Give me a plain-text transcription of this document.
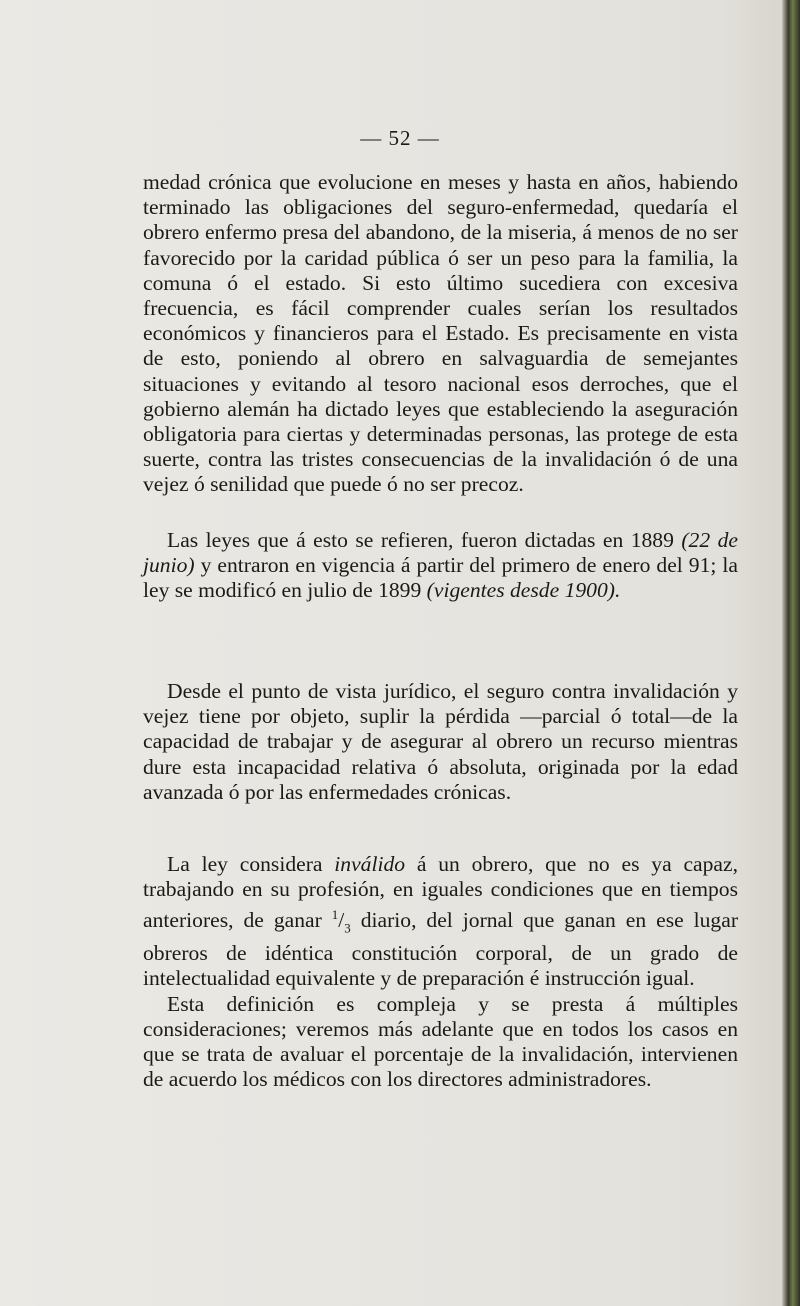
— 52 —

medad crónica que evolucione en meses y hasta en años, habiendo terminado las obligaciones del seguro-enfermedad, quedaría el obrero enfermo presa del abandono, de la miseria, á menos de no ser favorecido por la caridad pública ó ser un peso para la familia, la comuna ó el estado. Si esto último sucediera con excesiva frecuencia, es fácil comprender cuales serían los resultados económicos y financieros para el Estado. Es precisamente en vista de esto, poniendo al obrero en salvaguardia de semejantes situaciones y evitando al tesoro nacional esos derroches, que el gobierno alemán ha dictado leyes que estableciendo la aseguración obligatoria para ciertas y determinadas personas, las protege de esta suerte, contra las tristes consecuencias de la invalidación ó de una vejez ó senilidad que puede ó no ser precoz.

Las leyes que á esto se refieren, fueron dictadas en 1889 (22 de junio) y entraron en vigencia á partir del primero de enero del 91; la ley se modificó en julio de 1899 (vigentes desde 1900).

Desde el punto de vista jurídico, el seguro contra invalidación y vejez tiene por objeto, suplir la pérdida —parcial ó total—de la capacidad de trabajar y de asegurar al obrero un recurso mientras dure esta incapacidad relativa ó absoluta, originada por la edad avanzada ó por las enfermedades crónicas.

La ley considera inválido á un obrero, que no es ya capaz, trabajando en su profesión, en iguales condiciones que en tiempos anteriores, de ganar $^1/_3$ diario, del jornal que ganan en ese lugar obreros de idéntica constitución corporal, de un grado de intelectualidad equivalente y de preparación é instrucción igual.

Esta definición es compleja y se presta á múltiples consideraciones; veremos más adelante que en todos los casos en que se trata de avaluar el porcentaje de la invalidación, intervienen de acuerdo los médicos con los directores administradores.
